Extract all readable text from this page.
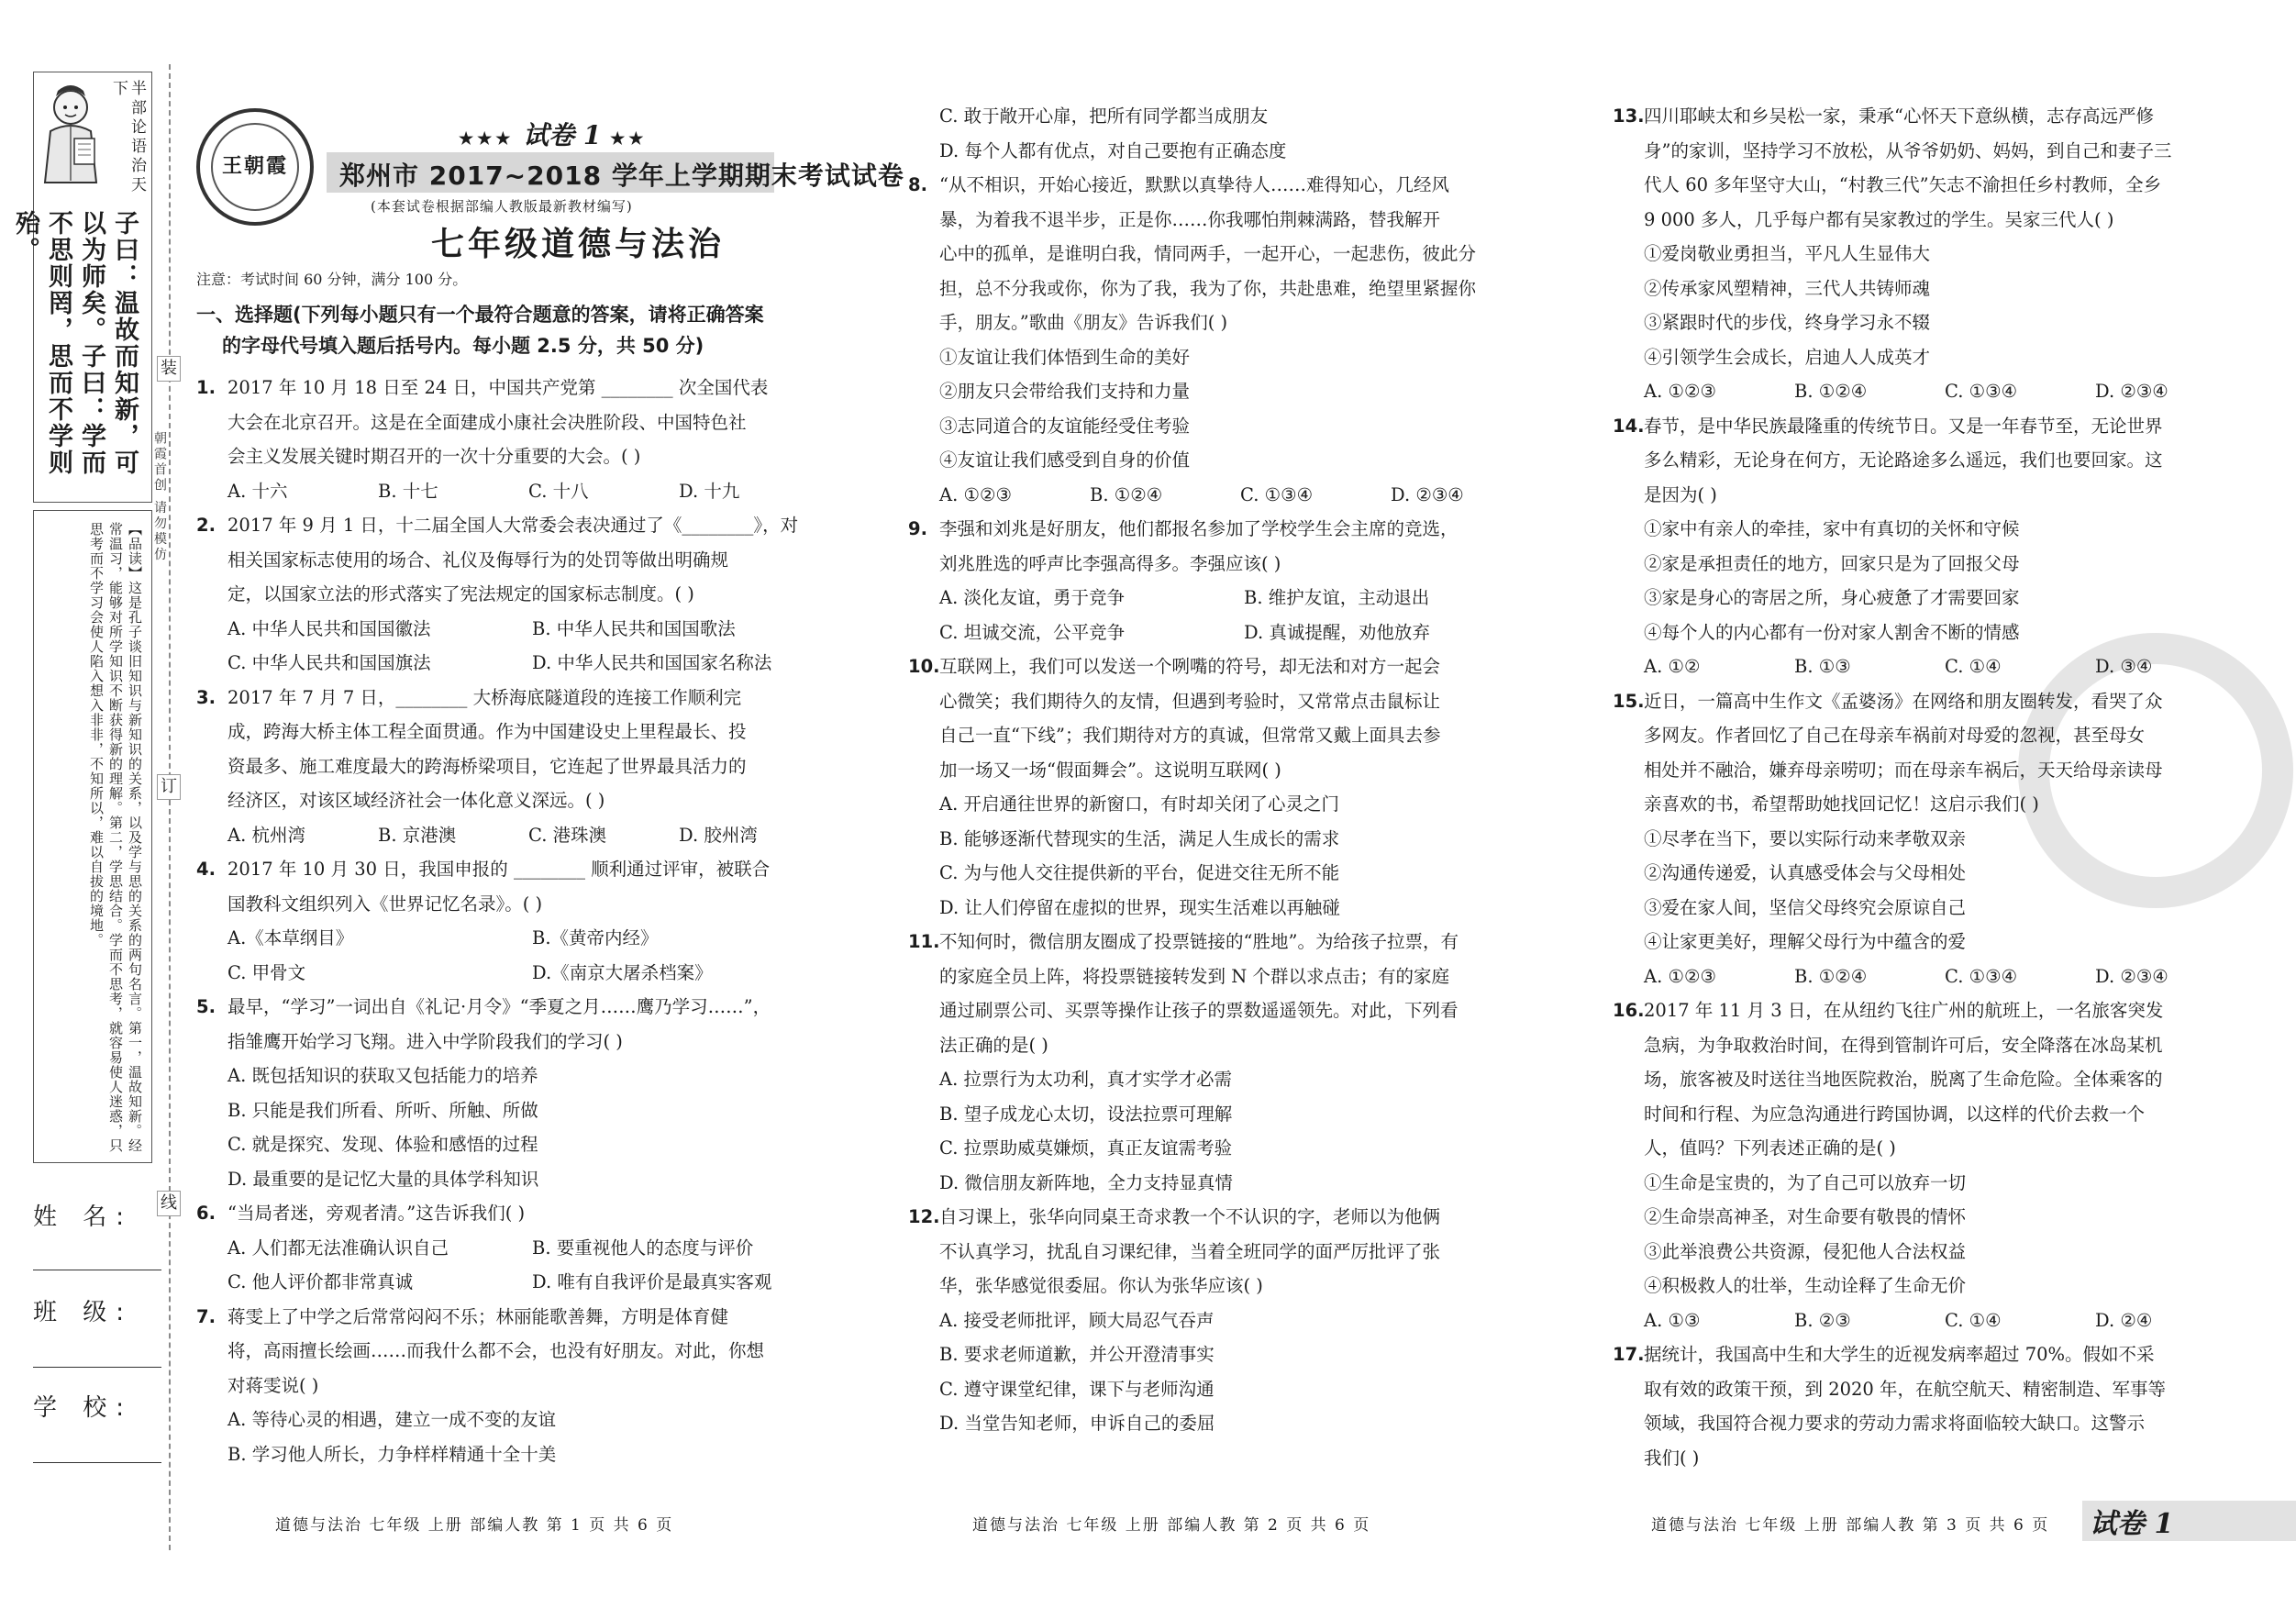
半部论语治天下
子曰：温故而知新，可以为师矣。子曰：学而不思则罔，思而不学则殆。
朝霞首创 请勿模仿
【品读】这是孔子谈旧知识与新知识的关系，以及学与思的关系的两句名言。第一，温故知新。经常温习，能够对所学知识不断获得新的理解。第二，学思结合。学而不思考，就容易使人迷惑，只思考而不学习会使人陷入想入非非，不知所以，难以自拔的境地。
装
订
线
姓 名:
班 级:
学 校:
王朝霞
★★★ 试卷 1 ★★
郑州市 2017~2018 学年上学期期末考试试卷
(本套试卷根据部编人教版最新教材编写)
七年级道德与法治
注意：考试时间 60 分钟，满分 100 分。
一、选择题(下列每小题只有一个最符合题意的答案，请将正确答案
的字母代号填入题后括号内。每小题 2.5 分，共 50 分)
1. 2017 年 10 月 18 日至 24 日，中国共产党第 ________ 次全国代表
大会在北京召开。这是在全面建成小康社会决胜阶段、中国特色社
会主义发展关键时期召开的一次十分重要的大会。( )
A. 十六	B. 十七	C. 十八	D. 十九
2. 2017 年 9 月 1 日，十二届全国人大常委会表决通过了《________》，对
相关国家标志使用的场合、礼仪及侮辱行为的处罚等做出明确规
定，以国家立法的形式落实了宪法规定的国家标志制度。( )
A. 中华人民共和国国徽法	B. 中华人民共和国国歌法
C. 中华人民共和国国旗法	D. 中华人民共和国国家名称法
3. 2017 年 7 月 7 日，________ 大桥海底隧道段的连接工作顺利完
成，跨海大桥主体工程全面贯通。作为中国建设史上里程最长、投
资最多、施工难度最大的跨海桥梁项目，它连起了世界最具活力的
经济区，对该区域经济社会一体化意义深远。( )
A. 杭州湾	B. 京港澳	C. 港珠澳	D. 胶州湾
4. 2017 年 10 月 30 日，我国申报的 ________ 顺利通过评审，被联合
国教科文组织列入《世界记忆名录》。( )
A.《本草纲目》	B.《黄帝内经》
C. 甲骨文	D.《南京大屠杀档案》
5. 最早，“学习”一词出自《礼记·月令》“季夏之月……鹰乃学习……”，
指雏鹰开始学习飞翔。进入中学阶段我们的学习( )
A. 既包括知识的获取又包括能力的培养
B. 只能是我们所看、所听、所触、所做
C. 就是探究、发现、体验和感悟的过程
D. 最重要的是记忆大量的具体学科知识
6. “当局者迷，旁观者清。”这告诉我们( )
A. 人们都无法准确认识自己	B. 要重视他人的态度与评价
C. 他人评价都非常真诚	D. 唯有自我评价是最真实客观
7. 蒋雯上了中学之后常常闷闷不乐；林丽能歌善舞，方明是体育健
将，高雨擅长绘画……而我什么都不会，也没有好朋友。对此，你想
对蒋雯说( )
A. 等待心灵的相遇，建立一成不变的友谊
B. 学习他人所长，力争样样精通十全十美
C. 敢于敞开心扉，把所有同学都当成朋友
D. 每个人都有优点，对自己要抱有正确态度
8. “从不相识，开始心接近，默默以真挚待人……难得知心，几经风
暴，为着我不退半步，正是你……你我哪怕荆棘满路，替我解开
心中的孤单，是谁明白我，情同两手，一起开心，一起悲伤，彼此分
担，总不分我或你，你为了我，我为了你，共赴患难，绝望里紧握你
手，朋友。”歌曲《朋友》告诉我们( )
①友谊让我们体悟到生命的美好
②朋友只会带给我们支持和力量
③志同道合的友谊能经受住考验
④友谊让我们感受到自身的价值
A. ①②③	B. ①②④	C. ①③④	D. ②③④
9. 李强和刘兆是好朋友，他们都报名参加了学校学生会主席的竞选，
刘兆胜选的呼声比李强高得多。李强应该( )
A. 淡化友谊，勇于竞争	B. 维护友谊，主动退出
C. 坦诚交流，公平竞争	D. 真诚提醒，劝他放弃
10.互联网上，我们可以发送一个咧嘴的符号，却无法和对方一起会
心微笑；我们期待久的友情，但遇到考验时，又常常点击鼠标让
自己一直“下线”；我们期待对方的真诚，但常常又戴上面具去参
加一场又一场“假面舞会”。这说明互联网( )
A. 开启通往世界的新窗口，有时却关闭了心灵之门
B. 能够逐渐代替现实的生活，满足人生成长的需求
C. 为与他人交往提供新的平台，促进交往无所不能
D. 让人们停留在虚拟的世界，现实生活难以再触碰
11.不知何时，微信朋友圈成了投票链接的“胜地”。为给孩子拉票，有
的家庭全员上阵，将投票链接转发到 N 个群以求点击；有的家庭
通过刷票公司、买票等操作让孩子的票数遥遥领先。对此，下列看
法正确的是( )
A. 拉票行为太功利，真才实学才必需
B. 望子成龙心太切，设法拉票可理解
C. 拉票助威莫嫌烦，真正友谊需考验
D. 微信朋友新阵地，全力支持显真情
12.自习课上，张华向同桌王奇求教一个不认识的字，老师以为他俩
不认真学习，扰乱自习课纪律，当着全班同学的面严厉批评了张
华，张华感觉很委屈。你认为张华应该( )
A. 接受老师批评，顾大局忍气吞声
B. 要求老师道歉，并公开澄清事实
C. 遵守课堂纪律，课下与老师沟通
D. 当堂告知老师，申诉自己的委屈
13.四川耶峡太和乡吴松一家，秉承“心怀天下意纵横，志存高远严修
身”的家训，坚持学习不放松，从爷爷奶奶、妈妈，到自己和妻子三
代人 60 多年坚守大山，“村教三代”矢志不渝担任乡村教师，全乡
9 000 多人，几乎每户都有吴家教过的学生。吴家三代人( )
①爱岗敬业勇担当，平凡人生显伟大
②传承家风塑精神，三代人共铸师魂
③紧跟时代的步伐，终身学习永不辍
④引领学生会成长，启迪人人成英才
A. ①②③	B. ①②④	C. ①③④	D. ②③④
14.春节，是中华民族最隆重的传统节日。又是一年春节至，无论世界
多么精彩，无论身在何方，无论路途多么遥远，我们也要回家。这
是因为( )
①家中有亲人的牵挂，家中有真切的关怀和守候
②家是承担责任的地方，回家只是为了回报父母
③家是身心的寄居之所，身心疲惫了才需要回家
④每个人的内心都有一份对家人割舍不断的情感
A. ①②	B. ①③	C. ①④	D. ③④
15.近日，一篇高中生作文《孟婆汤》在网络和朋友圈转发，看哭了众
多网友。作者回忆了自己在母亲车祸前对母爱的忽视，甚至母女
相处并不融洽，嫌弃母亲唠叨；而在母亲车祸后，天天给母亲读母
亲喜欢的书，希望帮助她找回记忆！这启示我们( )
①尽孝在当下，要以实际行动来孝敬双亲
②沟通传递爱，认真感受体会与父母相处
③爱在家人间，坚信父母终究会原谅自己
④让家更美好，理解父母行为中蕴含的爱
A. ①②③	B. ①②④	C. ①③④	D. ②③④
16.2017 年 11 月 3 日，在从纽约飞往广州的航班上，一名旅客突发
急病，为争取救治时间，在得到管制许可后，安全降落在冰岛某机
场，旅客被及时送往当地医院救治，脱离了生命危险。全体乘客的
时间和行程、为应急沟通进行跨国协调，以这样的代价去救一个
人，值吗？下列表述正确的是( )
①生命是宝贵的，为了自己可以放弃一切
②生命崇高神圣，对生命要有敬畏的情怀
③此举浪费公共资源，侵犯他人合法权益
④积极救人的壮举，生动诠释了生命无价
A. ①③	B. ②③	C. ①④	D. ②④
17.据统计，我国高中生和大学生的近视发病率超过 70%。假如不采
取有效的政策干预，到 2020 年，在航空航天、精密制造、军事等
领域，我国符合视力要求的劳动力需求将面临较大缺口。这警示
我们( )
道德与法治 七年级 上册 部编人教 第 1 页 共 6 页	道德与法治 七年级 上册 部编人教 第 2 页 共 6 页	道德与法治 七年级 上册 部编人教 第 3 页 共 6 页 试卷 1
